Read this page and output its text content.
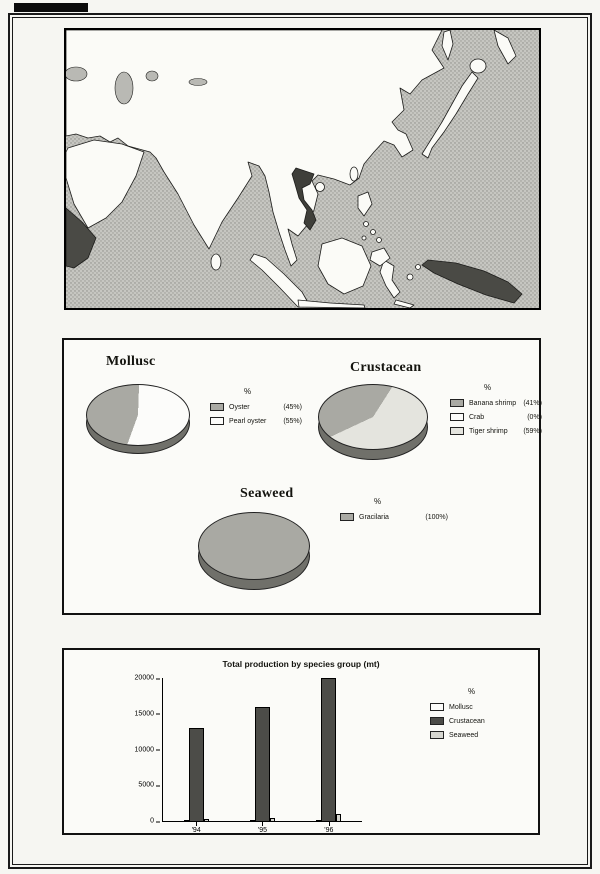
Mollusc
%
Oyster	(45%)
Pearl oyster	(55%)
Crustacean
%
Banana shrimp	(41%)
Crab	(0%)
Tiger shrimp	(59%)
Seaweed
%
Gracilaria	(100%)
Total production by species group (mt)
20000
15000
10000
5000
0
'94	'95	'96
%
Mollusc
Crustacean
Seaweed
